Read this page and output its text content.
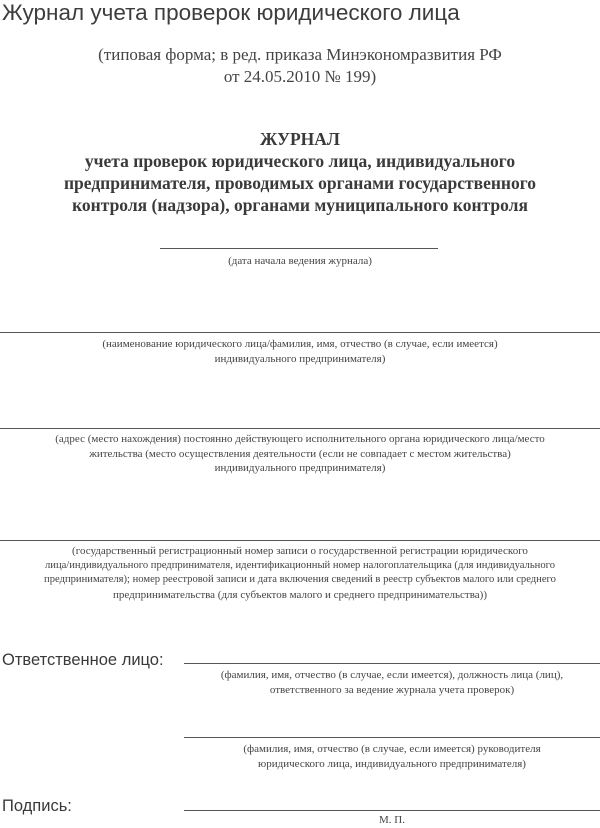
Журнал учета проверок юридического лица
(типовая форма; в ред. приказа Минэкономразвития РФ
от 24.05.2010 № 199)
ЖУРНАЛ
учета проверок юридического лица, индивидуального
предпринимателя, проводимых органами государственного
контроля (надзора), органами муниципального контроля
(дата начала ведения журнала)
(наименование юридического лица/фамилия, имя, отчество (в случае, если имеется)
индивидуального предпринимателя)
(адрес (место нахождения) постоянно действующего исполнительного органа юридического лица/место
жительства (место осуществления деятельности (если не совпадает с местом жительства)
индивидуального предпринимателя)
(государственный регистрационный номер записи о государственной регистрации юридического
лица/индивидуального предпринимателя, идентификационный номер налогоплательщика (для индивидуального
предпринимателя); номер реестровой записи и дата включения сведений в реестр субъектов малого или среднего
предпринимательства (для субъектов малого и среднего предпринимательства))
Ответственное лицо:
(фамилия, имя, отчество (в случае, если имеется), должность лица (лиц),
ответственного за ведение журнала учета проверок)
(фамилия, имя, отчество (в случае, если имеется) руководителя
юридического лица, индивидуального предпринимателя)
Подпись:
М. П.
